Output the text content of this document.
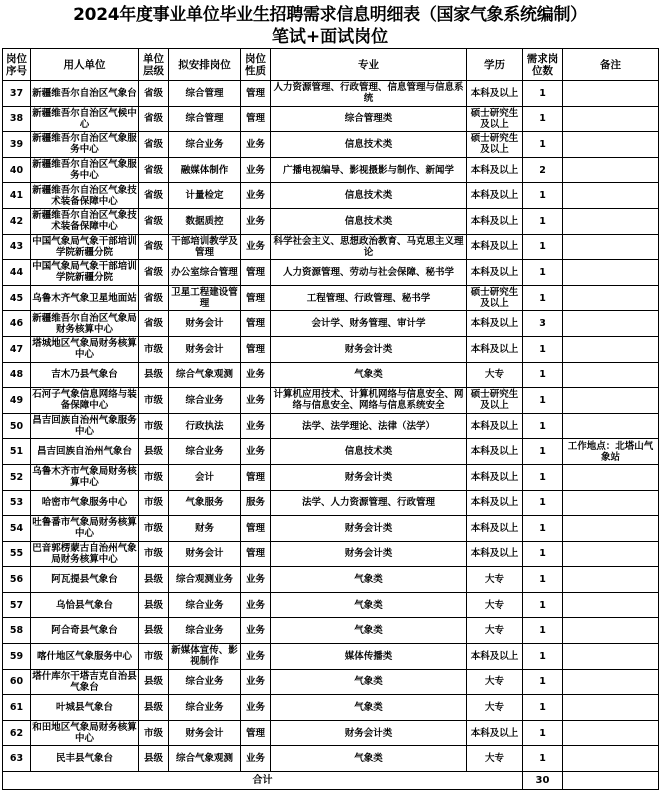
2024年度事业单位毕业生招聘需求信息明细表（国家气象系统编制）
笔试+面试岗位
岗位序号	用人单位	单位层级	拟安排岗位	岗位性质	专业	学历	需求岗位数	备注
37	新疆维吾尔自治区气象台	省级	综合管理	管理	人力资源管理、行政管理、信息管理与信息系统	本科及以上	1	
38	新疆维吾尔自治区气候中心	省级	综合管理	管理	综合管理类	硕士研究生及以上	1	
39	新疆维吾尔自治区气象服务中心	省级	综合业务	业务	信息技术类	硕士研究生及以上	1	
40	新疆维吾尔自治区气象服务中心	省级	融媒体制作	业务	广播电视编导、影视摄影与制作、新闻学	本科及以上	2	
41	新疆维吾尔自治区气象技术装备保障中心	省级	计量检定	业务	信息技术类	本科及以上	1	
42	新疆维吾尔自治区气象技术装备保障中心	省级	数据质控	业务	信息技术类	本科及以上	1	
43	中国气象局气象干部培训学院新疆分院	省级	干部培训教学及管理	业务	科学社会主义、思想政治教育、马克思主义理论	本科及以上	1	
44	中国气象局气象干部培训学院新疆分院	省级	办公室综合管理	管理	人力资源管理、劳动与社会保障、秘书学	本科及以上	1	
45	乌鲁木齐气象卫星地面站	省级	卫星工程建设管理	管理	工程管理、行政管理、秘书学	硕士研究生及以上	1	
46	新疆维吾尔自治区气象局财务核算中心	省级	财务会计	管理	会计学、财务管理、审计学	本科及以上	3	
47	塔城地区气象局财务核算中心	市级	财务会计	管理	财务会计类	本科及以上	1	
48	吉木乃县气象台	县级	综合气象观测	业务	气象类	大专	1	
49	石河子气象信息网络与装备保障中心	市级	综合业务	业务	计算机应用技术、计算机网络与信息安全、网络与信息安全、网络与信息系统安全	硕士研究生及以上	1	
50	昌吉回族自治州气象服务中心	市级	行政执法	业务	法学、法学理论、法律（法学）	本科及以上	1	
51	昌吉回族自治州气象台	县级	综合业务	业务	信息技术类	本科及以上	1	工作地点：北塔山气象站
52	乌鲁木齐市气象局财务核算中心	市级	会计	管理	财务会计类	本科及以上	1	
53	哈密市气象服务中心	市级	气象服务	服务	法学、人力资源管理、行政管理	本科及以上	1	
54	吐鲁番市气象局财务核算中心	市级	财务	管理	财务会计类	本科及以上	1	
55	巴音郭楞蒙古自治州气象局财务核算中心	市级	财务会计	管理	财务会计类	本科及以上	1	
56	阿瓦提县气象台	县级	综合观测业务	业务	气象类	大专	1	
57	乌恰县气象台	县级	综合业务	业务	气象类	大专	1	
58	阿合奇县气象台	县级	综合业务	业务	气象类	大专	1	
59	喀什地区气象服务中心	市级	新媒体宣传、影视制作	业务	媒体传播类	本科及以上	1	
60	塔什库尔干塔吉克自治县气象台	县级	综合业务	业务	气象类	大专	1	
61	叶城县气象台	县级	综合业务	业务	气象类	大专	1	
62	和田地区气象局财务核算中心	市级	财务会计	管理	财务会计类	本科及以上	1	
63	民丰县气象台	县级	综合气象观测	业务	气象类	大专	1	
合计							30	
